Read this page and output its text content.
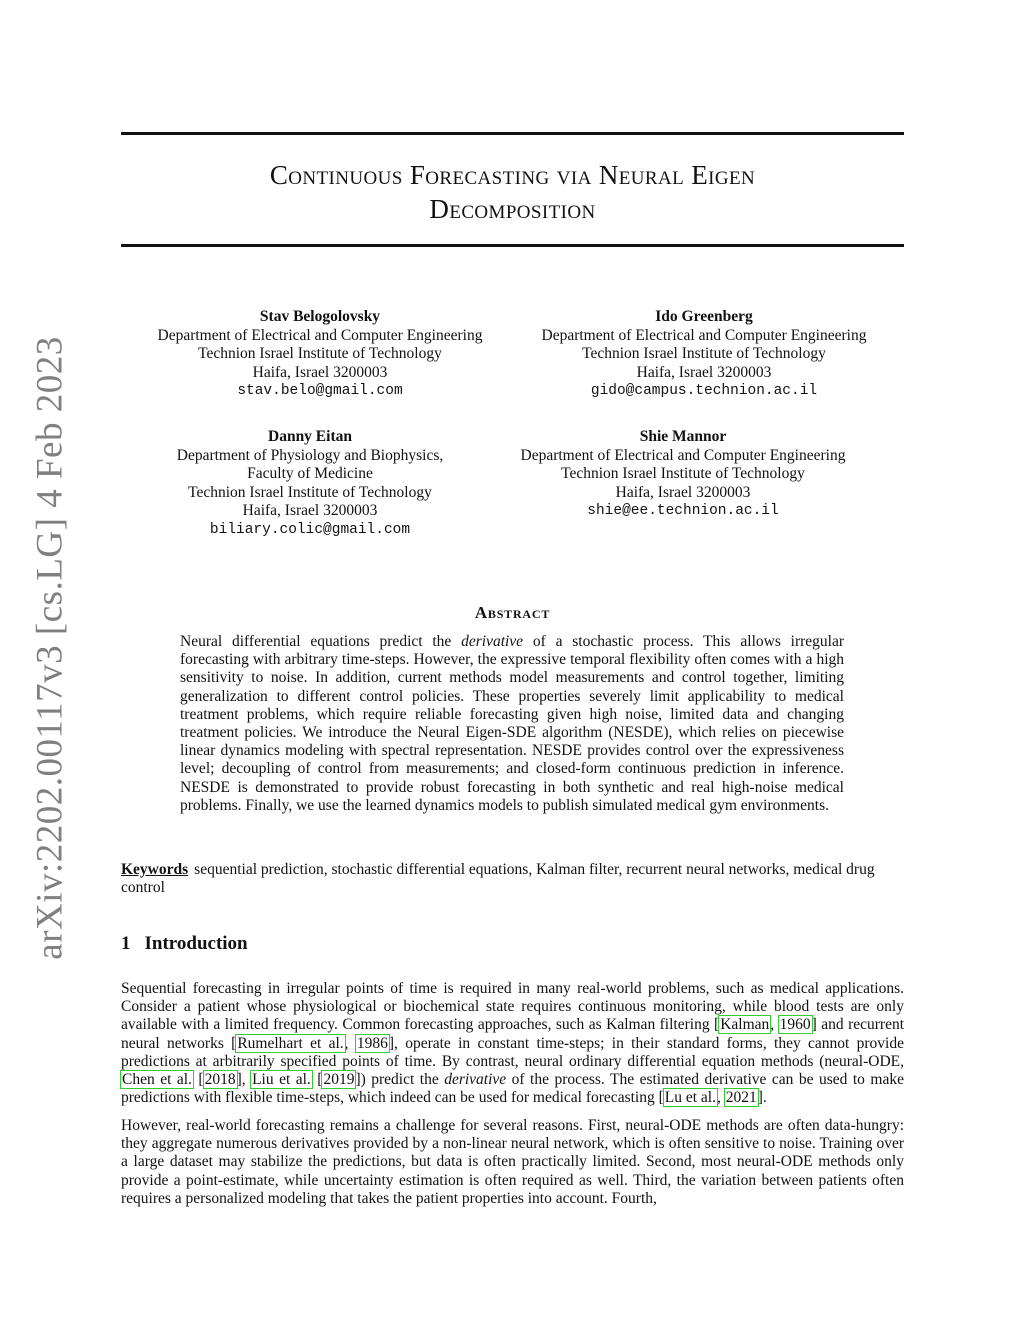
arXiv:2202.00117v3 [cs.LG] 4 Feb 2023
Continuous Forecasting via Neural Eigen
Decomposition
Stav Belogolovsky
Department of Electrical and Computer Engineering
Technion Israel Institute of Technology
Haifa, Israel 3200003
stav.belo@gmail.com
Ido Greenberg
Department of Electrical and Computer Engineering
Technion Israel Institute of Technology
Haifa, Israel 3200003
gido@campus.technion.ac.il
Danny Eitan
Department of Physiology and Biophysics,
Faculty of Medicine
Technion Israel Institute of Technology
Haifa, Israel 3200003
biliary.colic@gmail.com
Shie Mannor
Department of Electrical and Computer Engineering
Technion Israel Institute of Technology
Haifa, Israel 3200003
shie@ee.technion.ac.il
Abstract
Neural differential equations predict the derivative of a stochastic process. This allows irregular forecasting with arbitrary time-steps. However, the expressive temporal flexibility often comes with a high sensitivity to noise. In addition, current methods model measurements and control together, limiting generalization to different control policies. These properties severely limit applicability to medical treatment problems, which require reliable forecasting given high noise, limited data and changing treatment policies. We introduce the Neural Eigen-SDE algorithm (NESDE), which relies on piecewise linear dynamics modeling with spectral representation. NESDE provides control over the expressiveness level; decoupling of control from measurements; and closed-form continuous prediction in inference. NESDE is demonstrated to provide robust forecasting in both synthetic and real high-noise medical problems. Finally, we use the learned dynamics models to publish simulated medical gym environments.
Keywords sequential prediction, stochastic differential equations, Kalman filter, recurrent neural networks, medical drug control
1 Introduction
Sequential forecasting in irregular points of time is required in many real-world problems, such as medical applications. Consider a patient whose physiological or biochemical state requires continuous monitoring, while blood tests are only available with a limited frequency. Common forecasting approaches, such as Kalman filtering [Kalman, 1960] and recurrent neural networks [Rumelhart et al., 1986], operate in constant time-steps; in their standard forms, they cannot provide predictions at arbitrarily specified points of time. By contrast, neural ordinary differential equation methods (neural-ODE, Chen et al. [2018], Liu et al. [2019]) predict the derivative of the process. The estimated derivative can be used to make predictions with flexible time-steps, which indeed can be used for medical forecasting [Lu et al., 2021].
However, real-world forecasting remains a challenge for several reasons. First, neural-ODE methods are often data-hungry: they aggregate numerous derivatives provided by a non-linear neural network, which is often sensitive to noise. Training over a large dataset may stabilize the predictions, but data is often practically limited. Second, most neural-ODE methods only provide a point-estimate, while uncertainty estimation is often required as well. Third, the variation between patients often requires a personalized modeling that takes the patient properties into account. Fourth,
